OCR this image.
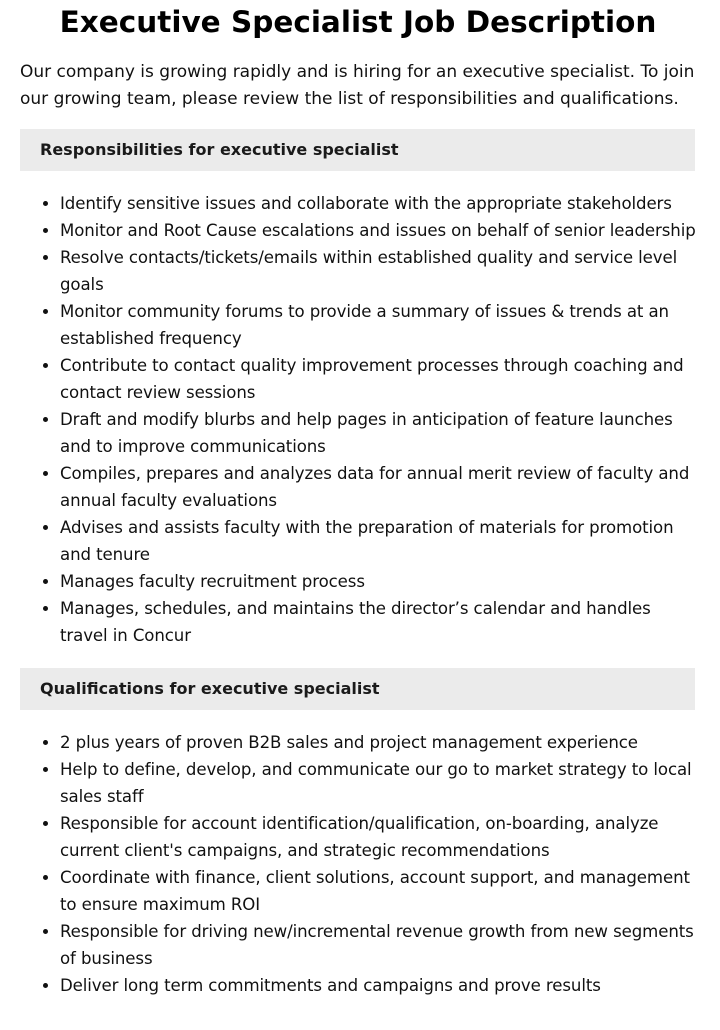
Executive Specialist Job Description

Our company is growing rapidly and is hiring for an executive specialist. To join our growing team, please review the list of responsibilities and qualifications.

Responsibilities for executive specialist
• Identify sensitive issues and collaborate with the appropriate stakeholders
• Monitor and Root Cause escalations and issues on behalf of senior leadership
• Resolve contacts/tickets/emails within established quality and service level goals
• Monitor community forums to provide a summary of issues & trends at an established frequency
• Contribute to contact quality improvement processes through coaching and contact review sessions
• Draft and modify blurbs and help pages in anticipation of feature launches and to improve communications
• Compiles, prepares and analyzes data for annual merit review of faculty and annual faculty evaluations
• Advises and assists faculty with the preparation of materials for promotion and tenure
• Manages faculty recruitment process
• Manages, schedules, and maintains the director’s calendar and handles travel in Concur
Qualifications for executive specialist
• 2 plus years of proven B2B sales and project management experience
• Help to define, develop, and communicate our go to market strategy to local sales staff
• Responsible for account identification/qualification, on-boarding, analyze current client's campaigns, and strategic recommendations
• Coordinate with finance, client solutions, account support, and management to ensure maximum ROI
• Responsible for driving new/incremental revenue growth from new segments of business
• Deliver long term commitments and campaigns and prove results
